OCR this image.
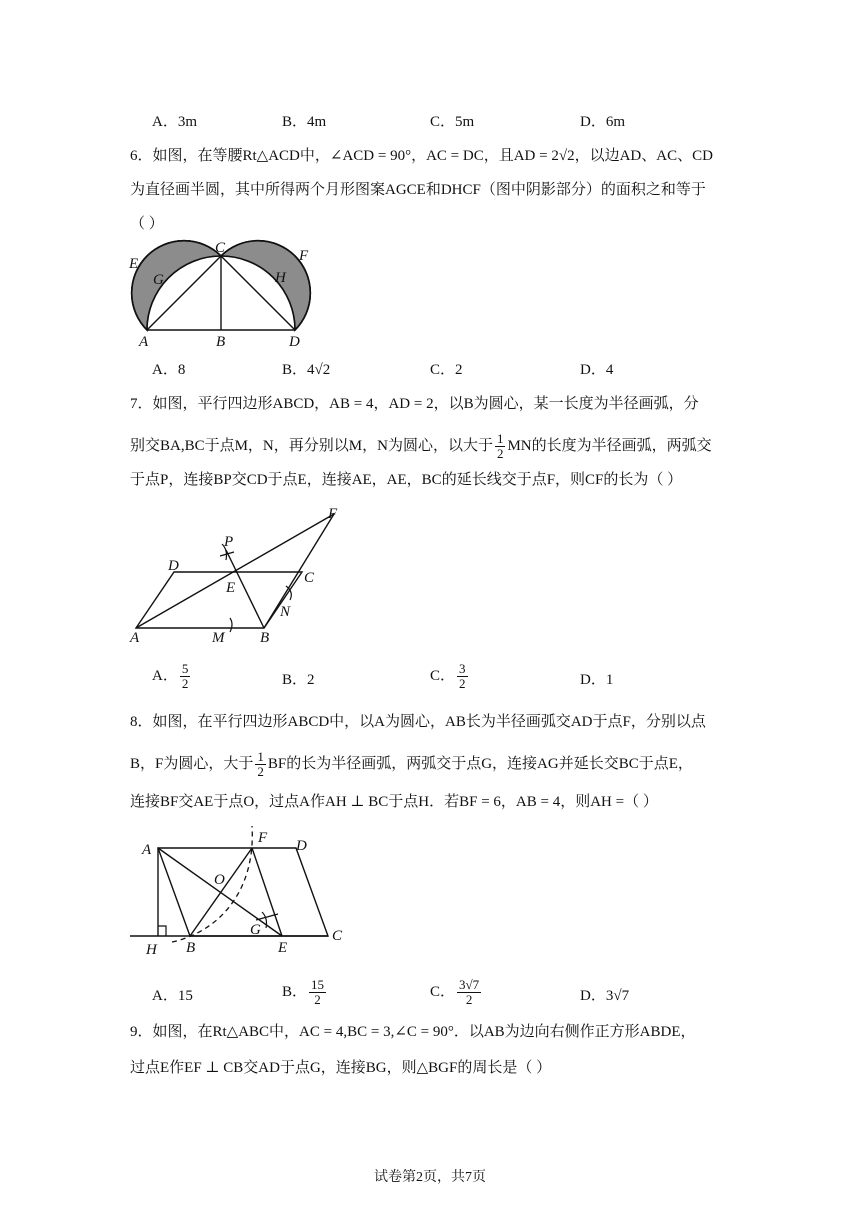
A．3m	B．4m	C．5m	D．6m
6．如图，在等腰Rt△ACD中，∠ACD = 90°，AC = DC，且AD = 2√2，以边AD、AC、CD
为直径画半圆，其中所得两个月形图案AGCE和DHCF（图中阴影部分）的面积之和等于
（ ）
E
G
C
H
F
A	B	D
A．8	B．4√2	C．2	D．4
7．如图，平行四边形ABCD，AB = 4，AD = 2，以B为圆心，某一长度为半径画弧，分
别交BA,BC于点M，N，再分别以M，N为圆心，以大于 $\frac{1}{2}$ MN的长度为半径画弧，两弧交
于点P，连接BP交CD于点E，连接AE，AE，BC的延长线交于点F，则CF的长为（ ）
F
P
D
C
E
N
A	M B
A． $\frac{5}{2}$	B．2	C． $\frac{3}{2}$	D．1
8．如图，在平行四边形ABCD中，以A为圆心，AB长为半径画弧交AD于点F，分别以点
B，F为圆心，大于 $\frac{1}{2}$ BF的长为半径画弧，两弧交于点G，连接AG并延长交BC于点E，
连接BF交AE于点O，过点A作AH ⊥ BC于点H．若BF = 6，AB = 4，则AH =（ ）
A
F D
O
G
H B	E
C
A．15	B． $\frac{15}{2}$	C． $\frac{3√7}{2}$	D．3√7
9．如图，在Rt△ABC中，AC = 4,BC = 3,∠C = 90°．以AB为边向右侧作正方形ABDE，
过点E作EF ⊥ CB交AD于点G，连接BG，则△BGF的周长是（ ）
试卷第2页，共7页
